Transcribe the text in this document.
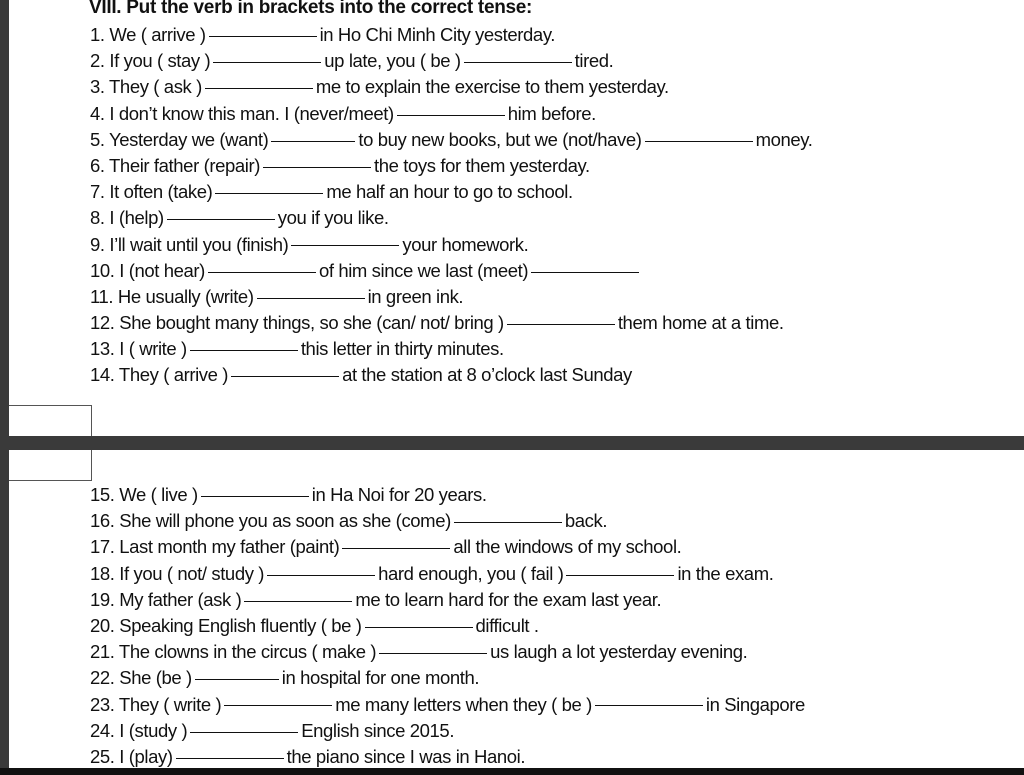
VIII. Put the verb in brackets into the correct tense:
1. We ( arrive )	in Ho Chi Minh City yesterday.
2. If you ( stay )	up late, you ( be )	tired.
3. They ( ask )	me to explain the exercise to them yesterday.
4. I don’t know this man. I (never/meet)	him before.
5. Yesterday we (want)	to buy new books, but we (not/have)	money.
6. Their father (repair)	the toys for them yesterday.
7. It often (take)	me half an hour to go to school.
8. I (help)	you if you like.
9. I’ll wait until you (finish)	your homework.
10. I (not hear)	of him since we last (meet)
11. He usually (write)	in green ink.
12. She bought many things, so she (can/ not/ bring )	them home at a time.
13. I ( write )	this letter in thirty minutes.
14. They ( arrive )	at the station at 8 o’clock last Sunday
15. We ( live )	in Ha Noi for 20 years.
16. She will phone you as soon as she (come)	back.
17. Last month my father (paint)	all the windows of my school.
18. If you ( not/ study )	hard enough, you ( fail )	in the exam.
19. My father (ask )	me to learn hard for the exam last year.
20. Speaking English fluently ( be )	difficult .
21. The clowns in the circus ( make )	us laugh a lot yesterday evening.
22. She (be )	in hospital for one month.
23. They ( write )	me many letters when they ( be )	in Singapore
24. I (study )	English since 2015.
25. I (play)	the piano since I was in Hanoi.
